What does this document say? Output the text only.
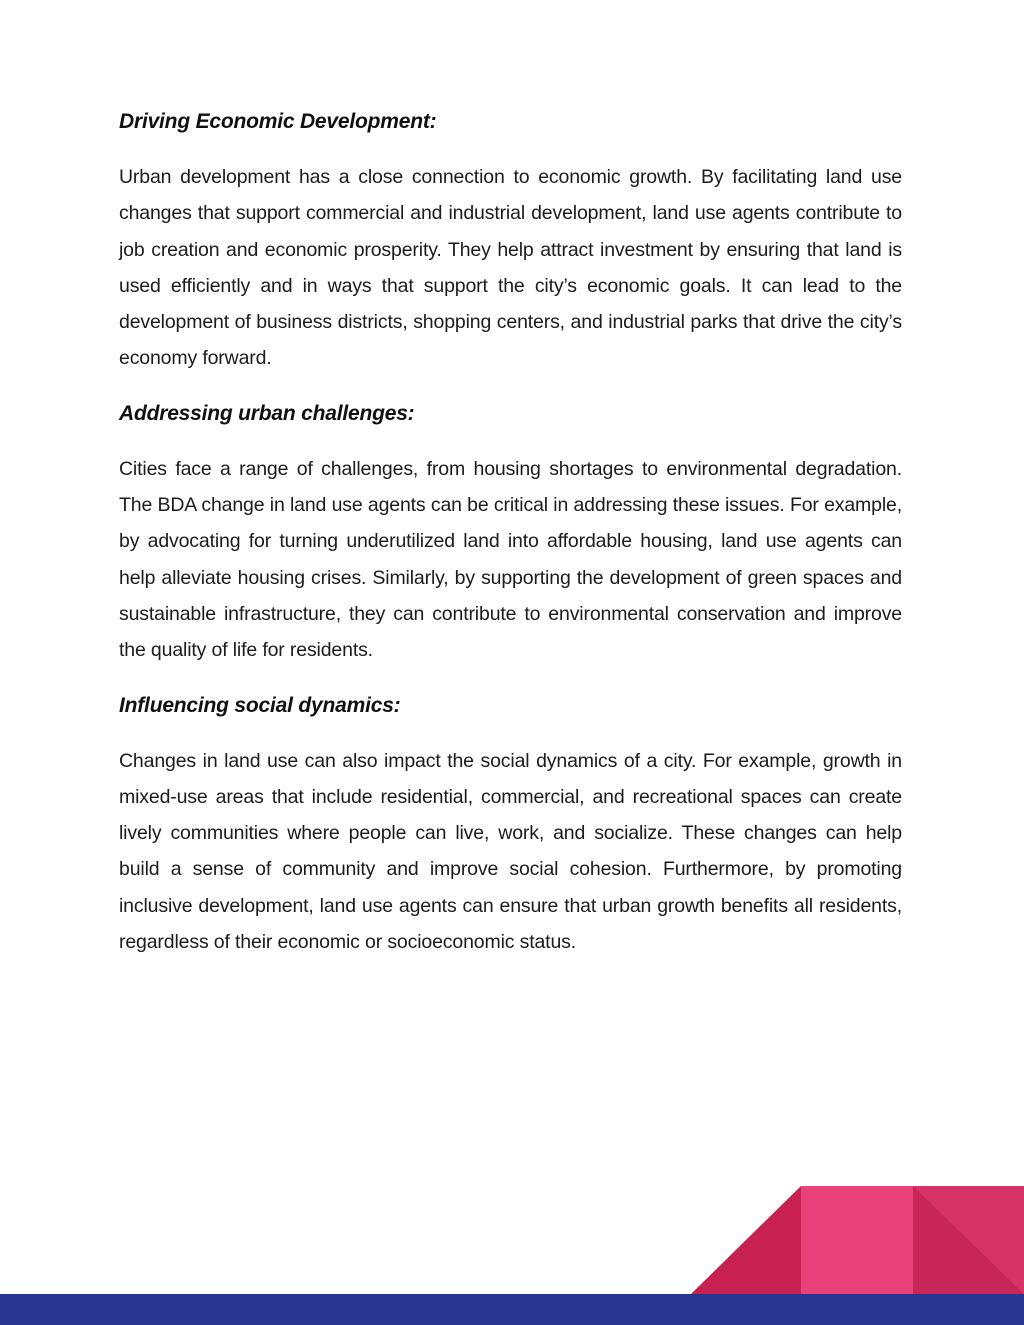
Driving Economic Development:

Urban development has a close connection to economic growth. By facilitating land use changes that support commercial and industrial development, land use agents contribute to job creation and economic prosperity. They help attract investment by ensuring that land is used efficiently and in ways that support the city’s economic goals. It can lead to the development of business districts, shopping centers, and industrial parks that drive the city’s economy forward.

Addressing urban challenges:

Cities face a range of challenges, from housing shortages to environmental degradation. The BDA change in land use agents can be critical in addressing these issues. For example, by advocating for turning underutilized land into affordable housing, land use agents can help alleviate housing crises. Similarly, by supporting the development of green spaces and sustainable infrastructure, they can contribute to environmental conservation and improve the quality of life for residents.

Influencing social dynamics:

Changes in land use can also impact the social dynamics of a city. For example, growth in mixed-use areas that include residential, commercial, and recreational spaces can create lively communities where people can live, work, and socialize. These changes can help build a sense of community and improve social cohesion. Furthermore, by promoting inclusive development, land use agents can ensure that urban growth benefits all residents, regardless of their economic or socioeconomic status.
